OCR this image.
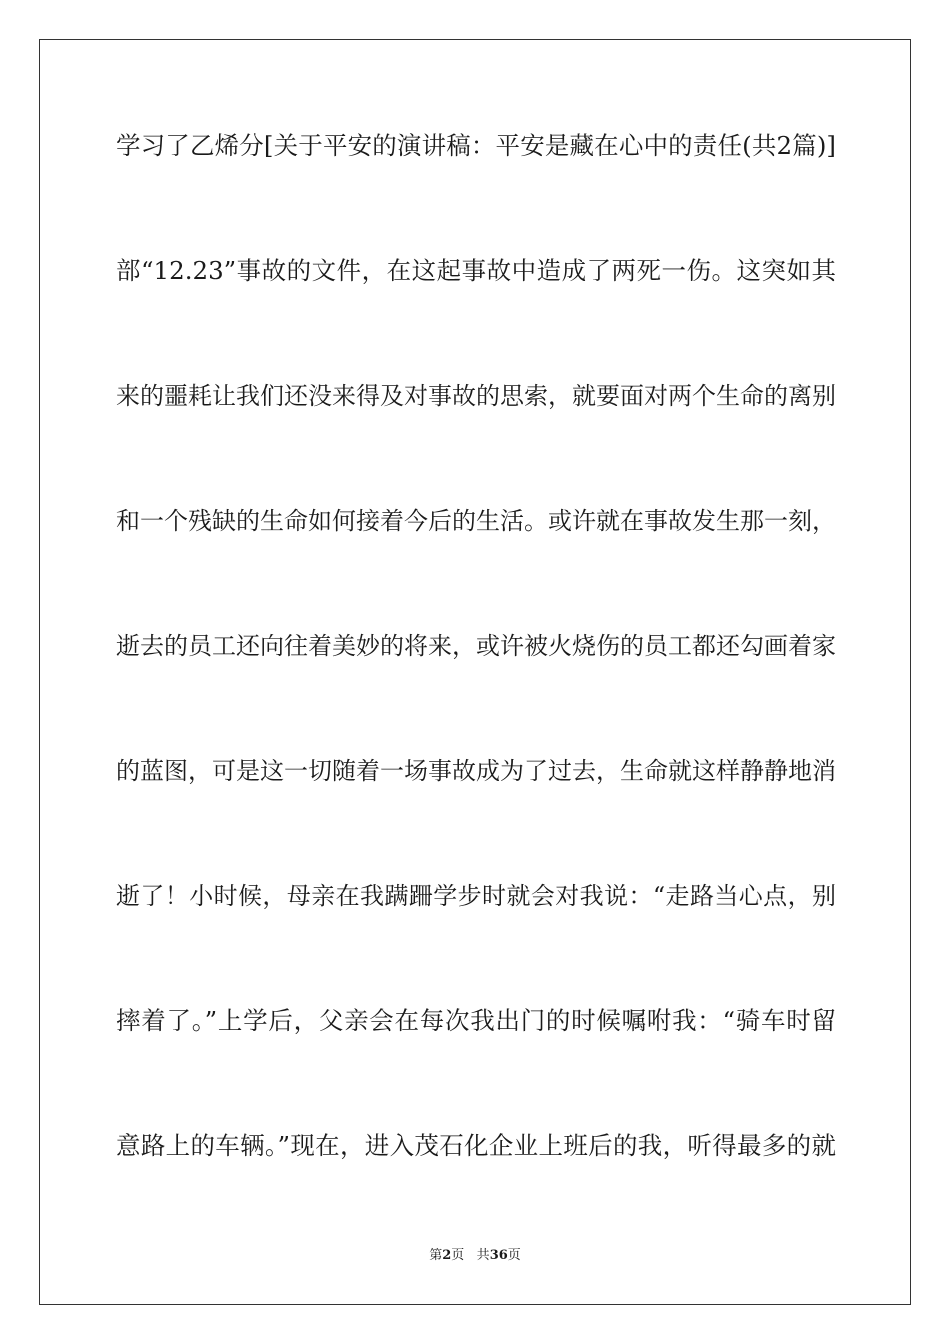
学习了乙烯分[关于平安的演讲稿：平安是藏在心中的责任(共2篇)]
部“12.23”事故的文件，在这起事故中造成了两死一伤。这突如其
来的噩耗让我们还没来得及对事故的思索，就要面对两个生命的离别
和一个残缺的生命如何接着今后的生活。或许就在事故发生那一刻，
逝去的员工还向往着美妙的将来，或许被火烧伤的员工都还勾画着家
的蓝图，可是这一切随着一场事故成为了过去，生命就这样静静地消
逝了！小时候，母亲在我蹒跚学步时就会对我说：“走路当心点，别
摔着了。”上学后，父亲会在每次我出门的时候嘱咐我：“骑车时留
意路上的车辆。”现在，进入茂石化企业上班后的我，听得最多的就
第2页 共36页
